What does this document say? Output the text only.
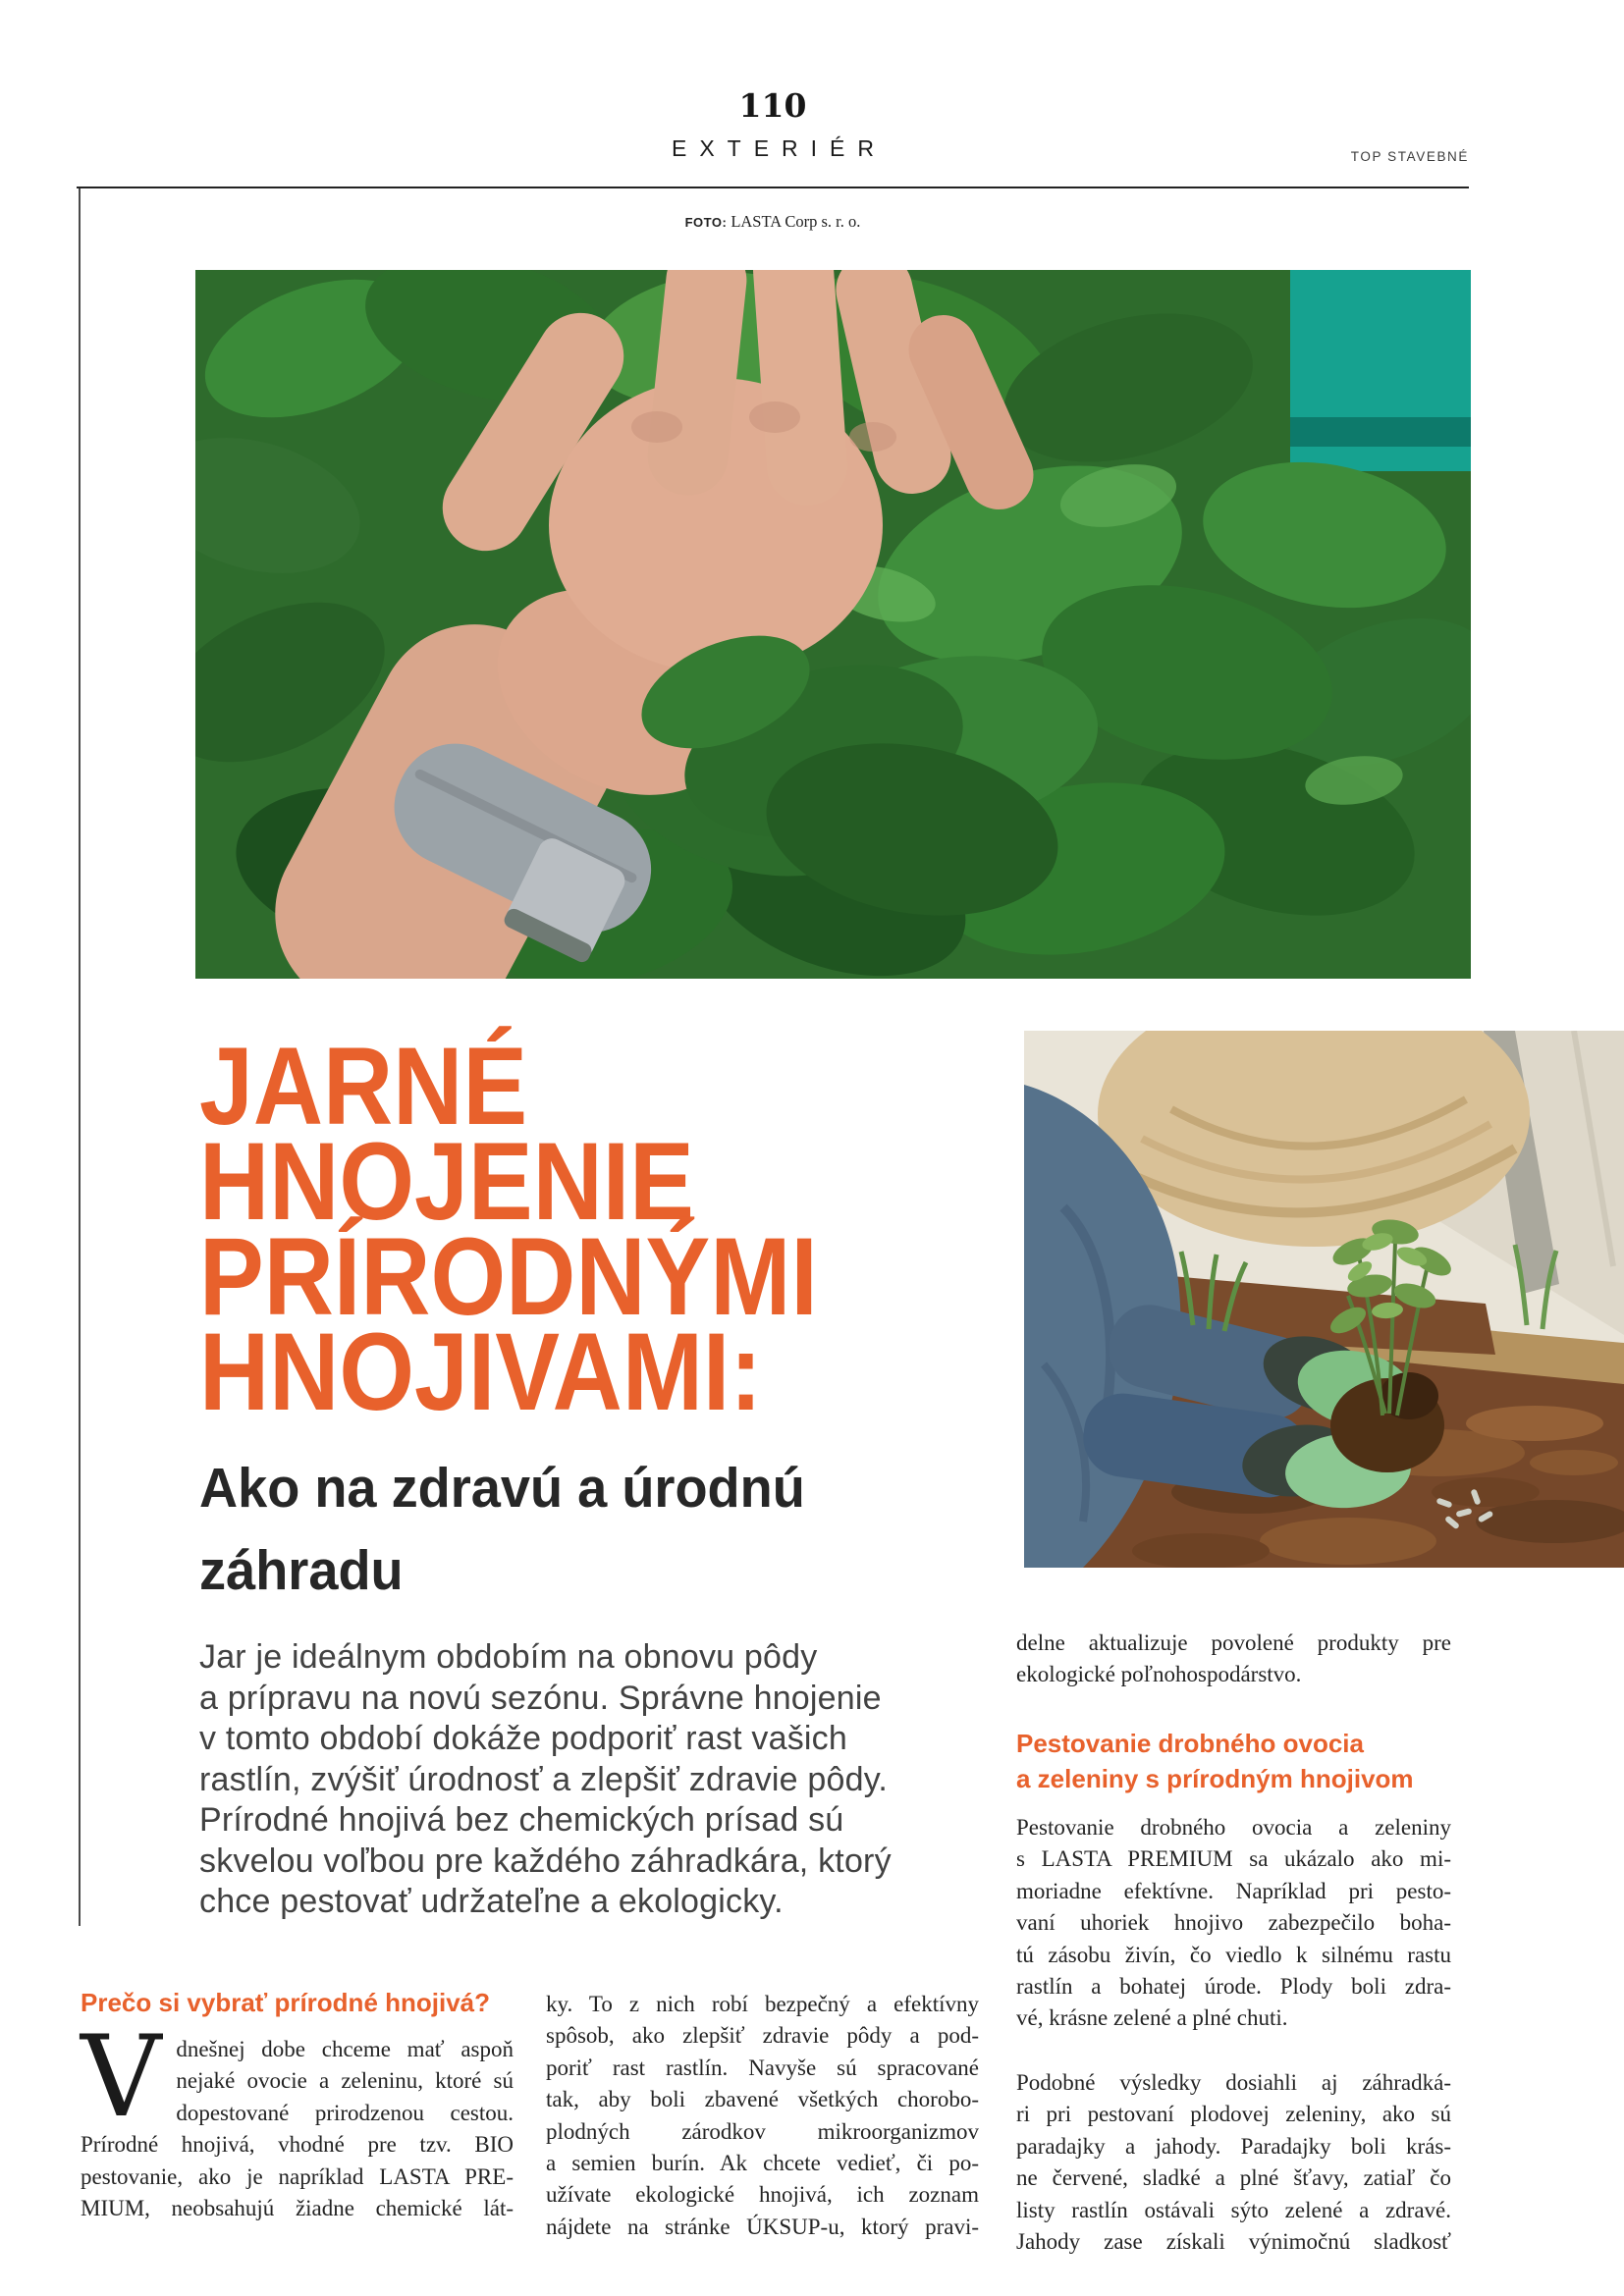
110
EXTERIÉR	TOP STAVEBNÉ
FOTO: LASTA Corp s. r. o.
JARNÉ
HNOJENIE
PRÍRODNÝMI
HNOJIVAMI:
Ako na zdravú a úrodnú
záhradu
Jar je ideálnym obdobím na obnovu pôdy
a prípravu na novú sezónu. Správne hnojenie
v tomto období dokáže podporiť rast vašich
rastlín, zvýšiť úrodnosť a zlepšiť zdravie pôdy.
Prírodné hnojivá bez chemických prísad sú
skvelou voľbou pre každého záhradkára, ktorý
chce pestovať udržateľne a ekologicky.
Prečo si vybrať prírodné hnojivá?
V dnešnej dobe chceme mať aspoň
nejaké ovocie a zeleninu, ktoré sú
dopestované prirodzenou cestou.
Prírodné hnojivá, vhodné pre tzv. BIO
pestovanie, ako je napríklad LASTA PRE-
MIUM, neobsahujú žiadne chemické lát-
ky. To z nich robí bezpečný a efektívny
spôsob, ako zlepšiť zdravie pôdy a pod-
poriť rast rastlín. Navyše sú spracované
tak, aby boli zbavené všetkých chorobo-
plodných zárodkov mikroorganizmov
a semien burín. Ak chcete vedieť, či po-
užívate ekologické hnojivá, ich zoznam
nájdete na stránke ÚKSUP-u, ktorý pravi-
delne aktualizuje povolené produkty pre
ekologické poľnohospodárstvo.
Pestovanie drobného ovocia
a zeleniny s prírodným hnojivom
Pestovanie drobného ovocia a zeleniny
s LASTA PREMIUM sa ukázalo ako mi-
moriadne efektívne. Napríklad pri pesto-
vaní uhoriek hnojivo zabezpečilo boha-
tú zásobu živín, čo viedlo k silnému rastu
rastlín a bohatej úrode. Plody boli zdra-
vé, krásne zelené a plné chuti.
Podobné výsledky dosiahli aj záhradká-
ri pri pestovaní plodovej zeleniny, ako sú
paradajky a jahody. Paradajky boli krás-
ne červené, sladké a plné šťavy, zatiaľ čo
listy rastlín ostávali sýto zelené a zdravé.
Jahody zase získali výnimočnú sladkosť
